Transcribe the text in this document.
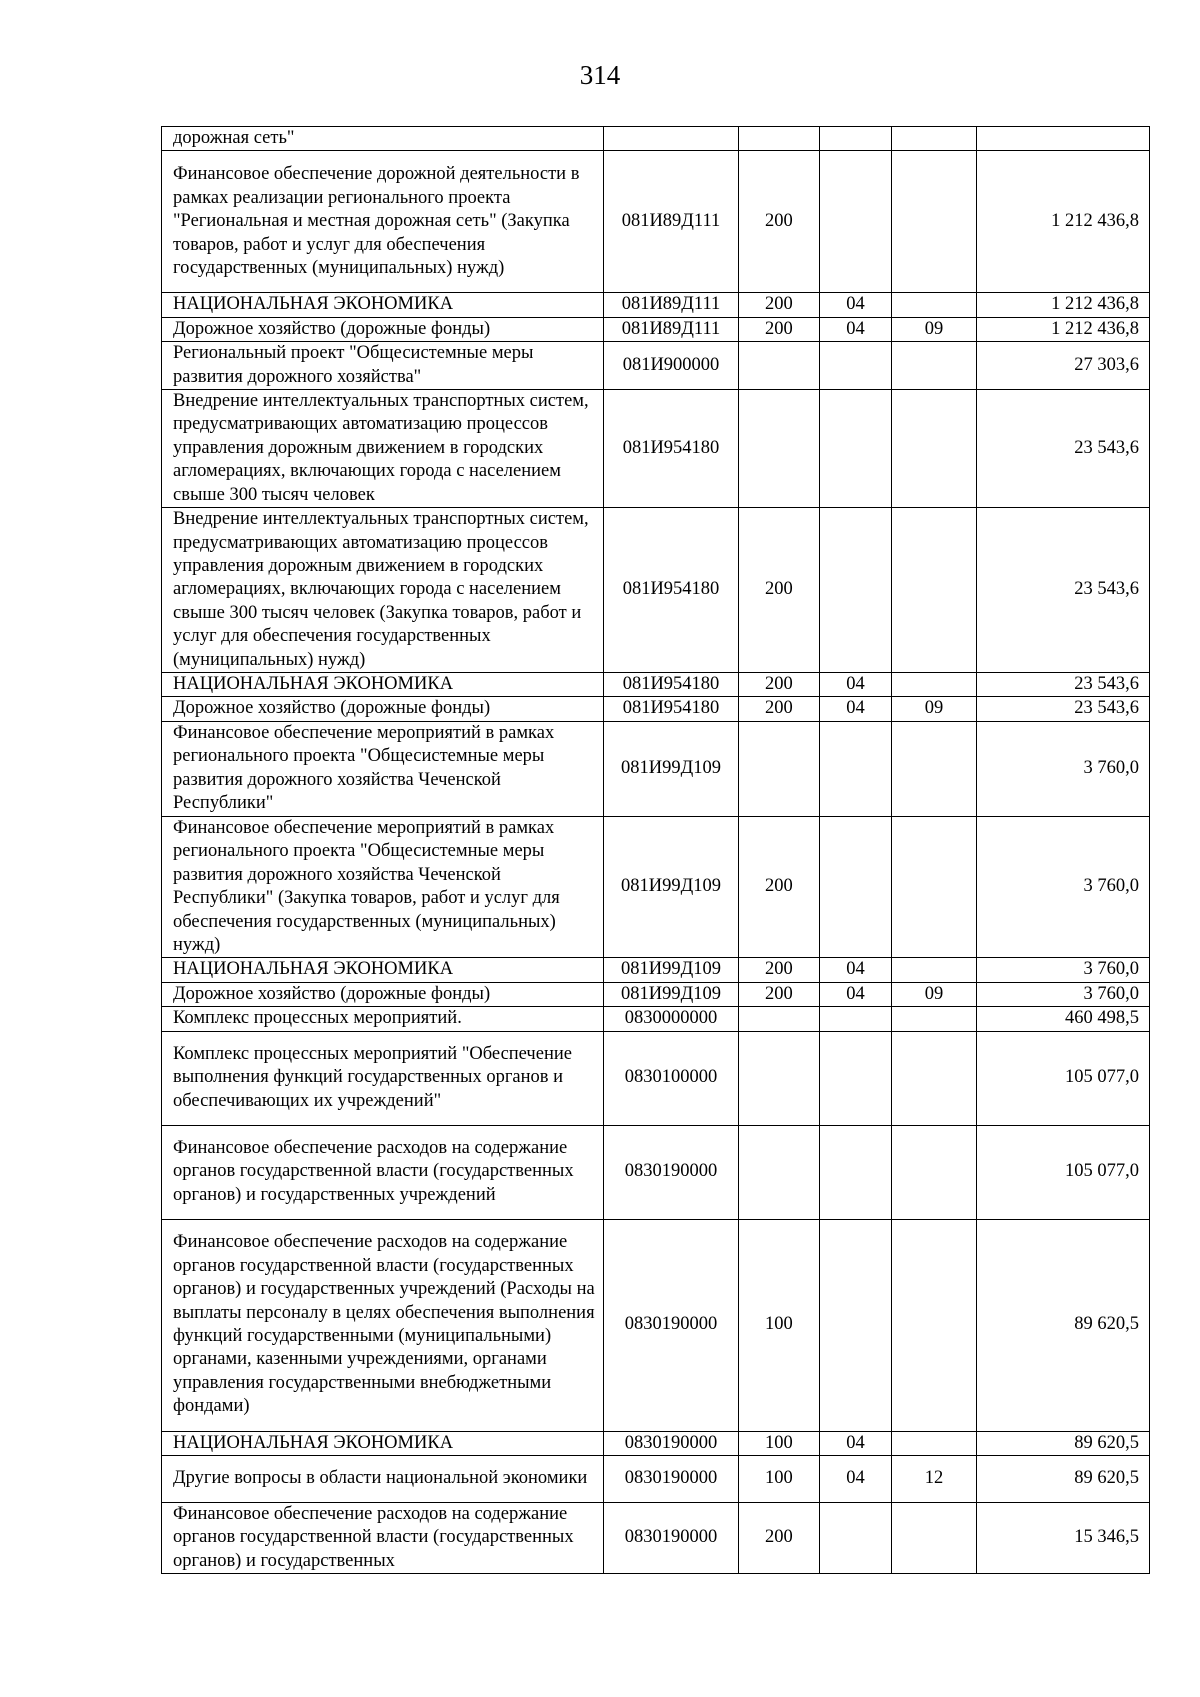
314
дорожная сеть"					
Финансовое обеспечение дорожной деятельности в рамках реализации регионального проекта "Региональная и местная дорожная сеть" (Закупка товаров, работ и услуг для обеспечения государственных (муниципальных) нужд)	081И89Д111	200			1 212 436,8
НАЦИОНАЛЬНАЯ ЭКОНОМИКА	081И89Д111	200	04		1 212 436,8
Дорожное хозяйство (дорожные фонды)	081И89Д111	200	04	09	1 212 436,8
Региональный проект "Общесистемные меры развития дорожного хозяйства"	081И900000				27 303,6
Внедрение интеллектуальных транспортных систем, предусматривающих автоматизацию процессов управления дорожным движением в городских агломерациях, включающих города с населением свыше 300 тысяч человек	081И954180				23 543,6
Внедрение интеллектуальных транспортных систем, предусматривающих автоматизацию процессов управления дорожным движением в городских агломерациях, включающих города с населением свыше 300 тысяч человек (Закупка товаров, работ и услуг для обеспечения государственных (муниципальных) нужд)	081И954180	200			23 543,6
НАЦИОНАЛЬНАЯ ЭКОНОМИКА	081И954180	200	04		23 543,6
Дорожное хозяйство (дорожные фонды)	081И954180	200	04	09	23 543,6
Финансовое обеспечение мероприятий в рамках регионального проекта "Общесистемные меры развития дорожного хозяйства Чеченской Республики"	081И99Д109				3 760,0
Финансовое обеспечение мероприятий в рамках регионального проекта "Общесистемные меры развития дорожного хозяйства Чеченской Республики" (Закупка товаров, работ и услуг для обеспечения государственных (муниципальных) нужд)	081И99Д109	200			3 760,0
НАЦИОНАЛЬНАЯ ЭКОНОМИКА	081И99Д109	200	04		3 760,0
Дорожное хозяйство (дорожные фонды)	081И99Д109	200	04	09	3 760,0
Комплекс процессных мероприятий.	0830000000				460 498,5
Комплекс процессных мероприятий "Обеспечение выполнения функций государственных органов и обеспечивающих их учреждений"	0830100000				105 077,0
Финансовое обеспечение расходов на содержание органов государственной власти (государственных органов) и государственных учреждений	0830190000				105 077,0
Финансовое обеспечение расходов на содержание органов государственной власти (государственных органов) и государственных учреждений (Расходы на выплаты персоналу в целях обеспечения выполнения функций государственными (муниципальными) органами, казенными учреждениями, органами управления государственными внебюджетными фондами)	0830190000	100			89 620,5
НАЦИОНАЛЬНАЯ ЭКОНОМИКА	0830190000	100	04		89 620,5
Другие вопросы в области национальной экономики	0830190000	100	04	12	89 620,5
Финансовое обеспечение расходов на содержание органов государственной власти (государственных органов) и государственных	0830190000	200			15 346,5
